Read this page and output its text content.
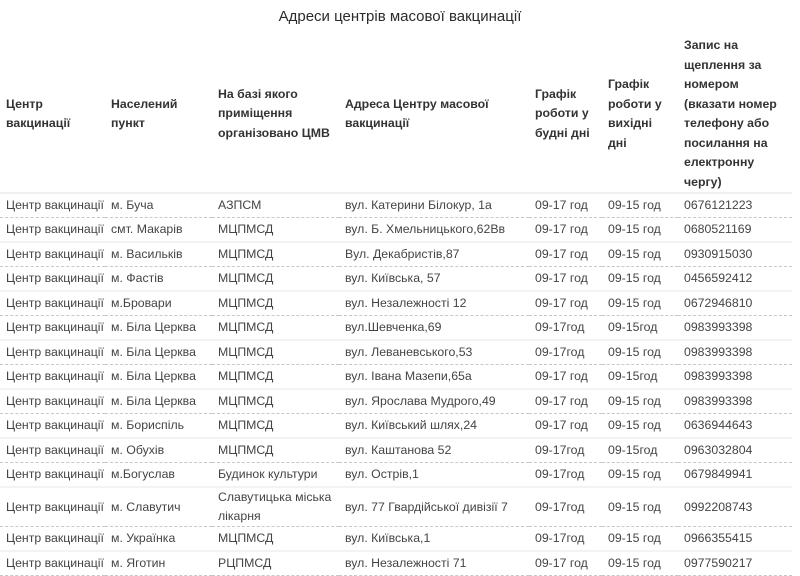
Адреси центрів масової вакцинації
Центр вакцинації	Населений пункт	На базі якого приміщення організовано ЦМВ	Адреса Центру масової вакцинації	Графік роботи у будні дні	Графік роботи у вихідні дні	Запис на щеплення за номером (вказати номер телефону або посилання на електронну чергу)
Центр вакцинації	м. Буча	АЗПСМ	вул. Катерини Білокур, 1а	09-17 год	09-15 год	0676121223
Центр вакцинації	смт. Макарів	МЦПМСД	вул. Б. Хмельницького,62Вв	09-17 год	09-15 год	0680521169
Центр вакцинації	м. Васильків	МЦПМСД	Вул. Декабристів,87	09-17 год	09-15 год	0930915030
Центр вакцинації	м. Фастів	МЦПМСД	вул. Київська, 57	09-17 год	09-15 год	0456592412
Центр вакцинації	м.Бровари	МЦПМСД	вул. Незалежності 12	09-17 год	09-15 год	0672946810
Центр вакцинації	м. Біла Церква	МЦПМСД	вул.Шевченка,69	09-17год	09-15год	0983993398
Центр вакцинації	м. Біла Церква	МЦПМСД	вул. Леваневського,53	09-17год	09-15 год	0983993398
Центр вакцинації	м. Біла Церква	МЦПМСД	вул. Івана Мазепи,65а	09-17 год	09-15год	0983993398
Центр вакцинації	м. Біла Церква	МЦПМСД	вул. Ярослава Мудрого,49	09-17 год	09-15 год	0983993398
Центр вакцинації	м. Бориспіль	МЦПМСД	вул. Київський шлях,24	09-17 год	09-15 год	0636944643
Центр вакцинації	м. Обухів	МЦПМСД	вул. Каштанова 52	09-17год	09-15год	0963032804
Центр вакцинації	м.Богуслав	Будинок культури	вул. Острів,1	09-17год	09-15 год	0679849941
Центр вакцинації	м. Славутич	Славутицька міська лікарня	вул. 77 Гвардійської дивізії 7	09-17год	09-15 год	0992208743
Центр вакцинації	м. Українка	МЦПМСД	вул. Київська,1	09-17год	09-15 год	0966355415
Центр вакцинації	м. Яготин	РЦПМСД	вул. Незалежності 71	09-17 год	09-15 год	0977590217
